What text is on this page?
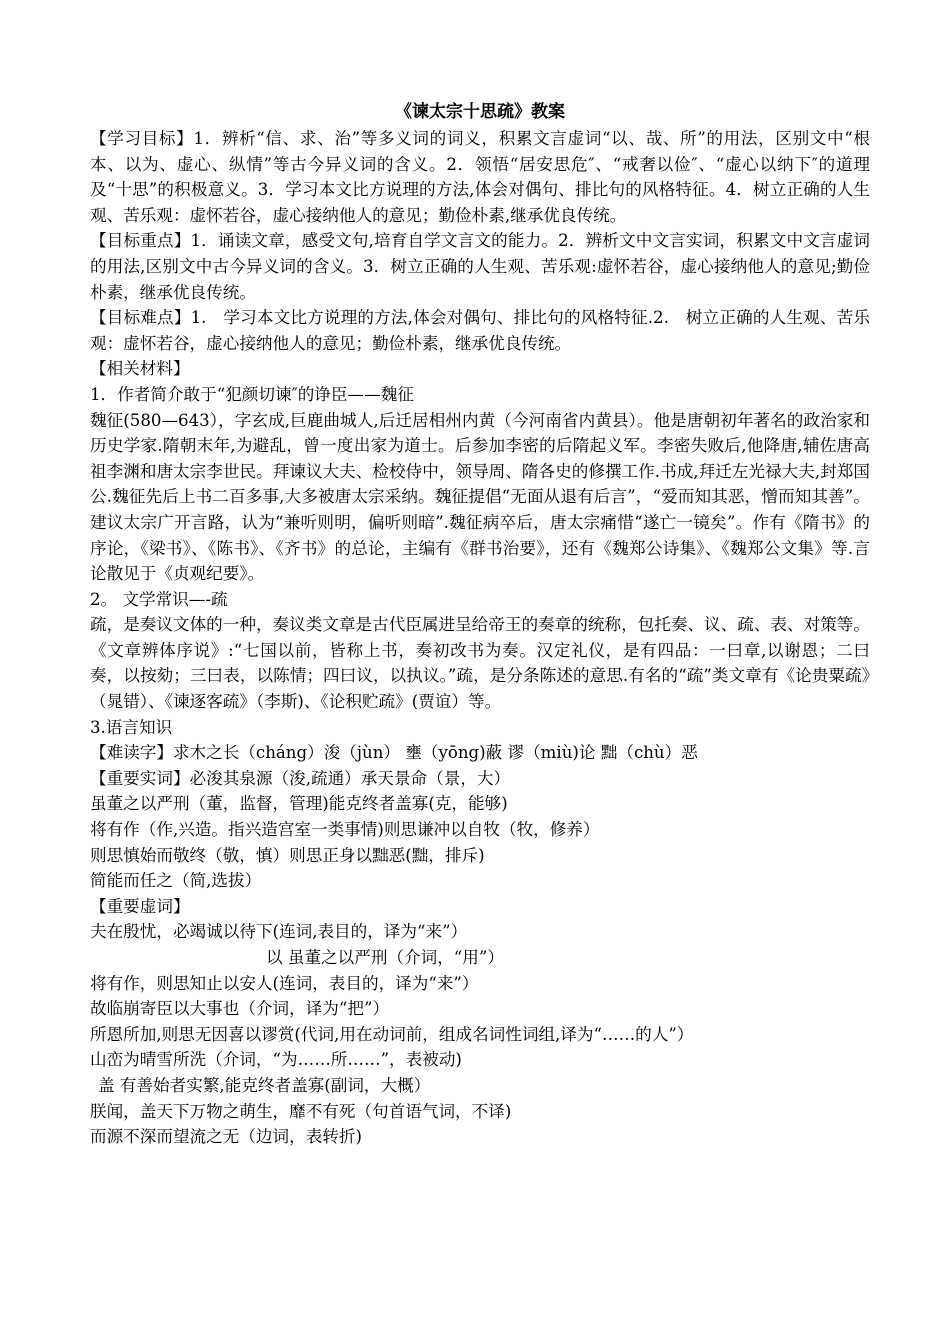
《谏太宗十思疏》教案

【学习目标】1．辨析“信、求、治”等多义词的词义，积累文言虚词“以、哉、所”的用法，区别文中“根本、以为、虚心、纵情”等古今异义词的含义。2．领悟“居安思危″、“戒奢以俭″、“虚心以纳下″的道理及“十思”的积极意义。3．学习本文比方说理的方法,体会对偶句、排比句的风格特征。4．树立正确的人生观、苦乐观：虚怀若谷，虚心接纳他人的意见；勤俭朴素,继承优良传统。

【目标重点】1．诵读文章，感受文句,培育自学文言文的能力。2．辨析文中文言实词，积累文中文言虚词的用法,区别文中古今异义词的含义。3．树立正确的人生观、苦乐观:虚怀若谷，虚心接纳他人的意见;勤俭朴素，继承优良传统。

【目标难点】1.　学习本文比方说理的方法,体会对偶句、排比句的风格特征.2.　树立正确的人生观、苦乐观：虚怀若谷，虚心接纳他人的意见；勤俭朴素，继承优良传统。

【相关材料】

1．作者简介敢于“犯颜切谏″的诤臣——魏征

魏征(580—643），字玄成,巨鹿曲城人,后迁居相州内黄（今河南省内黄县）。他是唐朝初年著名的政治家和历史学家.隋朝末年,为避乱，曾一度出家为道士。后参加李密的后隋起义军。李密失败后,他降唐,辅佐唐高祖李渊和唐太宗李世民。拜谏议大夫、检校侍中，领导周、隋各史的修撰工作.书成,拜迁左光禄大夫,封郑国公.魏征先后上书二百多事,大多被唐太宗采纳。魏征提倡“无面从退有后言”，“爱而知其恶，憎而知其善”。建议太宗广开言路，认为“兼听则明，偏听则暗”.魏征病卒后，唐太宗痛惜“遂亡一镜矣”。作有《隋书》的序论，《梁书》、《陈书》、《齐书》的总论，主编有《群书治要》，还有《魏郑公诗集》、《魏郑公文集》等.言论散见于《贞观纪要》。

2。 文学常识—-疏

疏，是奏议文体的一种，奏议类文章是古代臣属进呈给帝王的奏章的统称，包托奏、议、疏、表、对策等。《文章辨体序说》:“七国以前，皆称上书，奏初改书为奏。汉定礼仪，是有四品：一曰章,以谢恩；二曰奏，以按劾；三曰表，以陈情；四曰议，以执议。”疏，是分条陈述的意思.有名的“疏”类文章有《论贵粟疏》（晁错）、《谏逐客疏》（李斯)、《论积贮疏》(贾谊）等。

3.语言知识

【难读字】求木之长（cháng）浚（jùn） 壅（yōng)蔽 谬（miù)论 黜（chù）恶

【重要实词】必浚其泉源（浚,疏通）承天景命（景，大）

虽董之以严刑（董，监督，管理)能克终者盖寡(克，能够)

将有作（作,兴造。指兴造宫室一类事情)则思谦冲以自牧（牧，修养）

则思慎始而敬终（敬，慎）则思正身以黜恶(黜，排斥)

简能而任之（简,选拔）

【重要虚词】

夫在殷忧，必竭诚以待下(连词,表目的，译为“来”）

以 虽董之以严刑（介词，“用”）

将有作，则思知止以安人(连词，表目的，译为“来”）

故临崩寄臣以大事也（介词，译为“把”）

所恩所加,则思无因喜以谬赏(代词,用在动词前，组成名词性词组,译为“……的人”）

山峦为晴雪所洗（介词，“为……所……”，表被动)

盖 有善始者实繁,能克终者盖寡(副词，大概）

朕闻，盖天下万物之萌生，靡不有死（句首语气词，不译)

而源不深而望流之无（边词，表转折)
